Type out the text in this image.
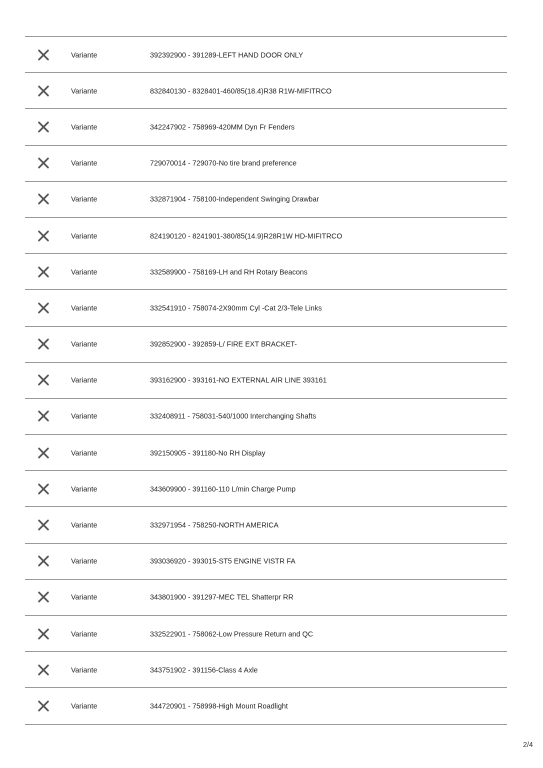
Variante	392392900 - 391289-LEFT HAND DOOR ONLY
Variante	832840130 - 8328401-460/85(18.4)R38 R1W-MIFITRCO
Variante	342247902 - 758969-420MM Dyn Fr Fenders
Variante	729070014 - 729070-No tire brand preference
Variante	332871904 - 758100-Independent Swinging Drawbar
Variante	824190120 - 8241901-380/85(14.9)R28R1W HD-MIFITRCO
Variante	332589900 - 758169-LH and RH Rotary Beacons
Variante	332541910 - 758074-2X90mm Cyl -Cat 2/3-Tele Links
Variante	392852900 - 392859-L/ FIRE EXT BRACKET-
Variante	393162900 - 393161-NO EXTERNAL AIR LINE 393161
Variante	332408911 - 758031-540/1000 Interchanging Shafts
Variante	392150905 - 391180-No RH Display
Variante	343609900 - 391160-110 L/min Charge Pump
Variante	332971954 - 758250-NORTH AMERICA
Variante	393036920 - 393015-ST5 ENGINE VISTR FA
Variante	343801900 - 391297-MEC TEL Shatterpr RR
Variante	332522901 - 758062-Low Pressure Return and QC
Variante	343751902 - 391156-Class 4 Axle
Variante	344720901 - 758998-High Mount Roadlight
2/4
